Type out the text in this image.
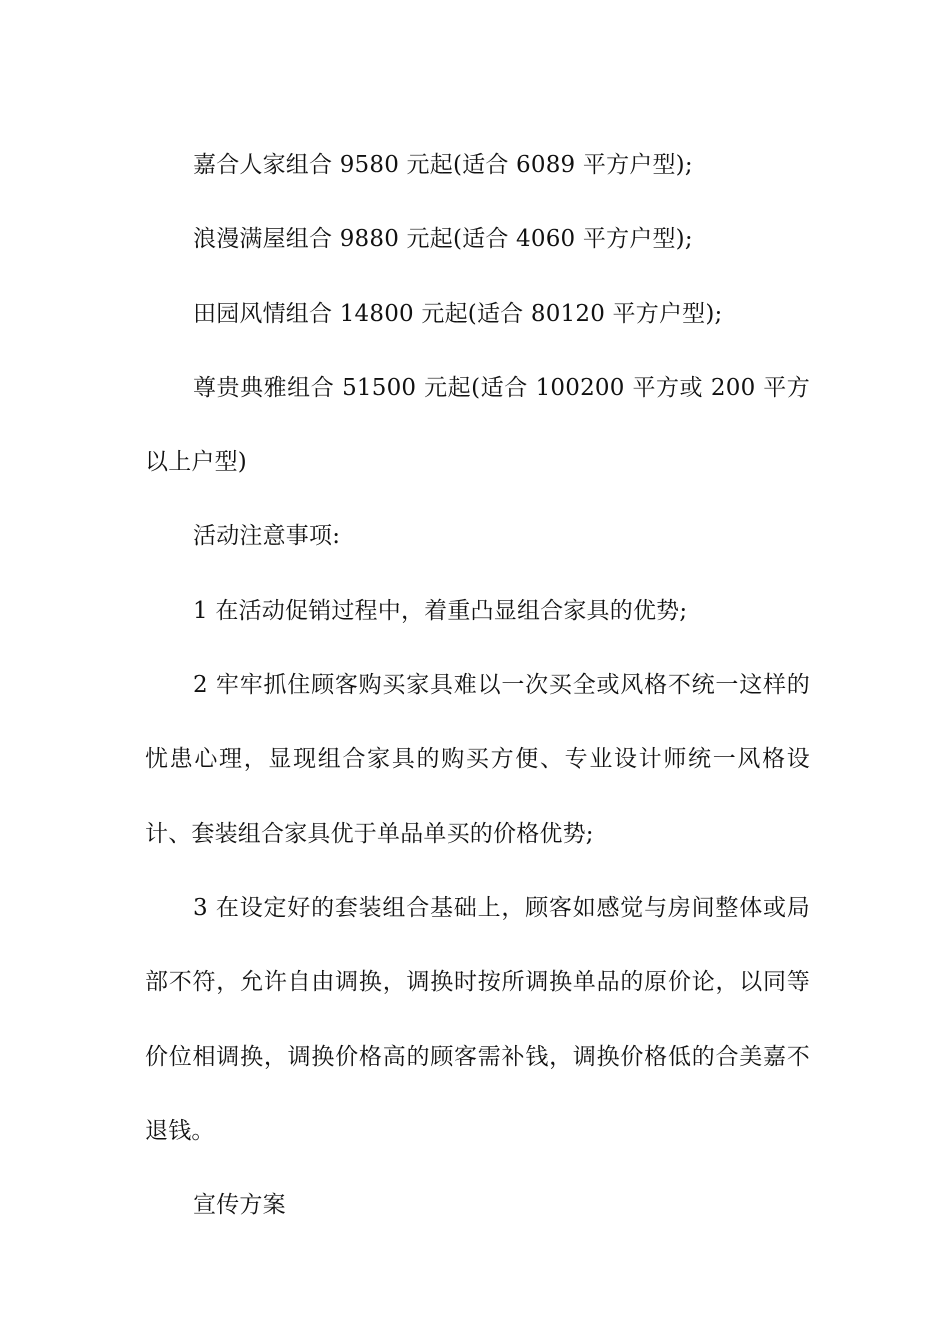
嘉合人家组合 9580 元起(适合 6089 平方户型);

浪漫满屋组合 9880 元起(适合 4060 平方户型);

田园风情组合 14800 元起(适合 80120 平方户型);

尊贵典雅组合 51500 元起(适合 100200 平方或 200 平方以上户型)

活动注意事项:

1 在活动促销过程中，着重凸显组合家具的优势;

2 牢牢抓住顾客购买家具难以一次买全或风格不统一这样的忧患心理，显现组合家具的购买方便、专业设计师统一风格设计、套装组合家具优于单品单买的价格优势;

3 在设定好的套装组合基础上，顾客如感觉与房间整体或局部不符，允许自由调换，调换时按所调换单品的原价论，以同等价位相调换，调换价格高的顾客需补钱，调换价格低的合美嘉不退钱。

宣传方案
